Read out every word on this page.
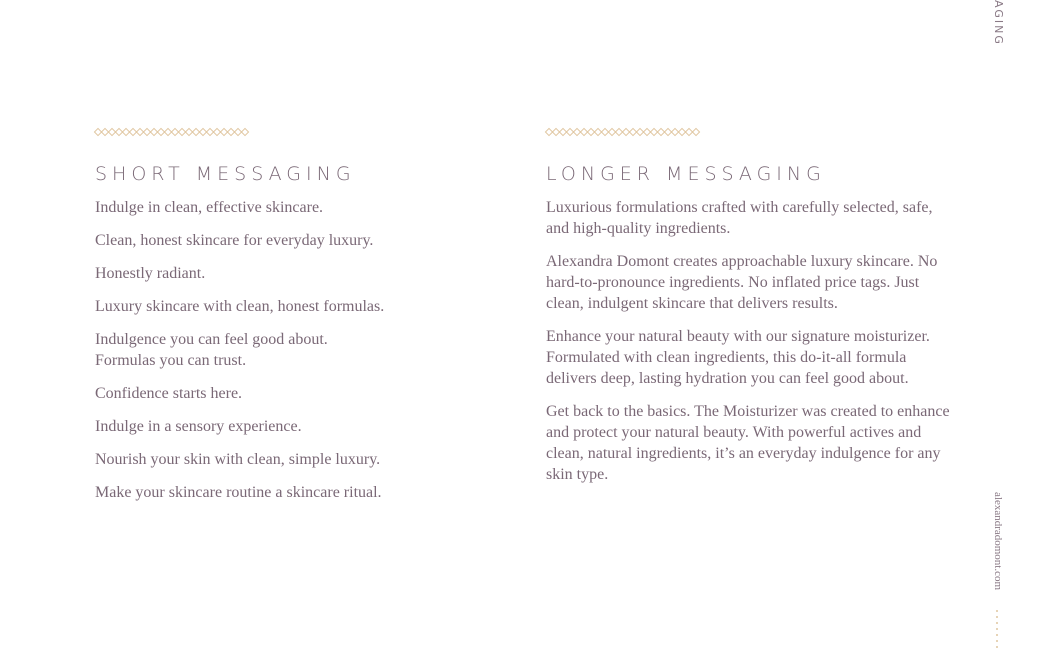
AGING
SHORT MESSAGING

Indulge in clean, effective skincare.

Clean, honest skincare for everyday luxury.

Honestly radiant.

Luxury skincare with clean, honest formulas.

Indulgence you can feel good about.
Formulas you can trust.

Confidence starts here.

Indulge in a sensory experience.

Nourish your skin with clean, simple luxury.

Make your skincare routine a skincare ritual.

LONGER MESSAGING

Luxurious formulations crafted with carefully selected, safe, and high-quality ingredients.

Alexandra Domont creates approachable luxury skincare. No hard-to-pronounce ingredients. No inflated price tags. Just clean, indulgent skincare that delivers results.

Enhance your natural beauty with our signature moisturizer. Formulated with clean ingredients, this do-it-all formula delivers deep, lasting hydration you can feel good about.

Get back to the basics. The Moisturizer was created to enhance and protect your natural beauty. With powerful actives and clean, natural ingredients, it’s an everyday indulgence for any skin type.

alexandradomont.com
